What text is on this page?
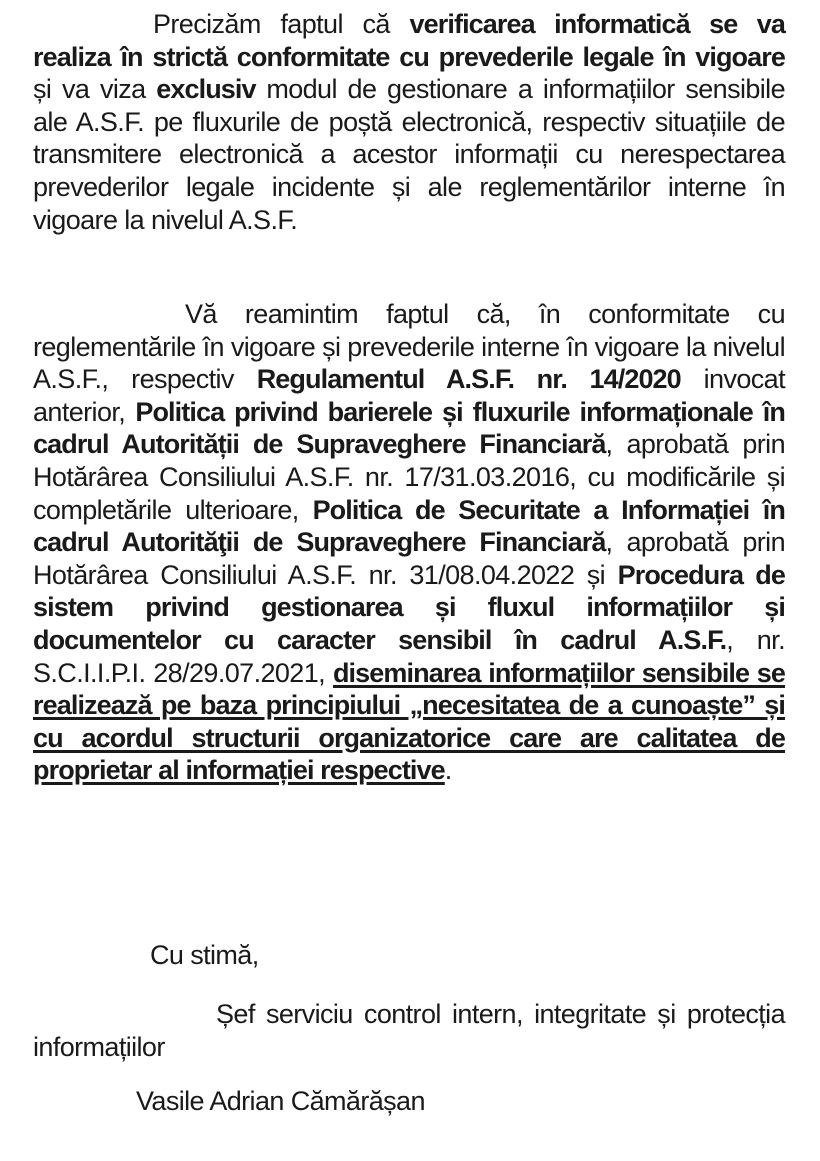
Precizăm faptul că verificarea informatică se va realiza în strictă conformitate cu prevederile legale în vigoare și va viza exclusiv modul de gestionare a informațiilor sensibile ale A.S.F. pe fluxurile de poștă electronică, respectiv situațiile de transmitere electronică a acestor informații cu nerespectarea prevederilor legale incidente și ale reglementărilor interne în vigoare la nivelul A.S.F.

Vă reamintim faptul că, în conformitate cu reglementările în vigoare și prevederile interne în vigoare la nivelul A.S.F., respectiv Regulamentul A.S.F. nr. 14/2020 invocat anterior, Politica privind barierele și fluxurile informaționale în cadrul Autorității de Supraveghere Financiară, aprobată prin Hotărârea Consiliului A.S.F. nr. 17/31.03.2016, cu modificările și completările ulterioare, Politica de Securitate a Informației în cadrul Autorităţii de Supraveghere Financiară, aprobată prin Hotărârea Consiliului A.S.F. nr. 31/08.04.2022 și Procedura de sistem privind gestionarea și fluxul informațiilor și documentelor cu caracter sensibil în cadrul A.S.F., nr. S.C.I.I.P.I. 28/29.07.2021, diseminarea informațiilor sensibile se realizează pe baza principiului „necesitatea de a cunoaște” și cu acordul structurii organizatorice care are calitatea de proprietar al informației respective.

Cu stimă,
Șef serviciu control intern, integritate și protecția informațiilor
Vasile Adrian Cămărășan
